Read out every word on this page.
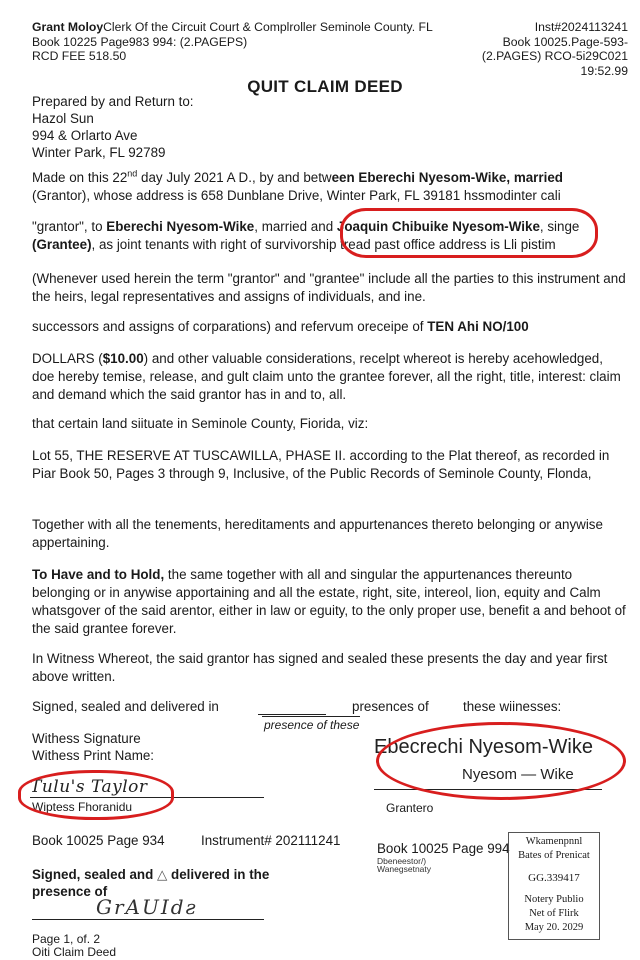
Grant MoloyClerk Of the Circuit Court & Complroller Seminole County. FL
Book 10225 Page983 994: (2.PAGEPS)
RCD FEE 518.50
Inst#2024113241
Book 10025.Page-593-
(2.PAGES) RCO-5i29C021
19:52.99
QUIT CLAIM DEED
Prepared by and Return to:
Hazol Sun
994 & Orlarto Ave
Winter Park, FL 92789
Made on this 22nd day July 2021 A D., by and between Eberechi Nyesom-Wike, married
(Grantor), whose address is 658 Dunblane Drive, Winter Park, FL 39181 hssmodinter cali
"grantor", to Eberechi Nyesom-Wike, married and Joaquin Chibuike Nyesom-Wike, singe
(Grantee), as joint tenants with right of survivorship tread past office address is Lli pistim
(Whenever used herein the term "grantor" and "grantee" include all the parties to this instrument and the heirs, legal representatives and assigns of individuals, and ine.
successors and assigns of corparations) and refervum oreceipe of TEN Ahi NO/100
DOLLARS ($10.00) and other valuable considerations, recelpt whereot is hereby acehowledged, doe hereby temise, release, and gult claim unto the grantee forever, all the right, title, interest: claim and demand which the said grantor has in and to, all.
that certain land siituate in Seminole County, Fiorida, viz:
Lot 55, THE RESERVE AT TUSCAWILLA, PHASE II. according to the Plat thereof, as recorded in Piar Book 50, Pages 3 through 9, Inclusive, of the Public Records of Seminole County, Flonda,
Together with all the tenements, hereditaments and appurtenances thereto belonging or anywise appertaining.
To Have and to Hold, the same together with all and singular the appurtenances thereunto belonging or in anywise apportaining and all the estate, right, site, intereol, lion, equity and Calm whatsgover of the said arentor, either in law or eguity, to the only proper use, benefit a and behoot of the said grantee forever.
In Witness Whereot, the said grantor has signed and sealed these presents the day and year first above written.
Signed, sealed and delivered in	presences of	these wiinesses:
presence of these
Withess Signature
Withess Print Name:
Tulu's Taylor
Wiptess Fhoranidu
Ebecrechi Nyesom-Wike
Nyesom — Wike
Grantero
Book 10025 Page 934	Instrument# 202111241
Book 10025 Page 994
Dbeneestor/)
Wanegsetnaty
Signed, sealed and △ delivered in the
presence of
GrAUIdƨ
Wkamenpnnl
Bates of Prenicat
GG.339417
Notery Publio
Net of Flirk
May 20. 2029
Page 1, of. 2
Oiti Claim Deed
